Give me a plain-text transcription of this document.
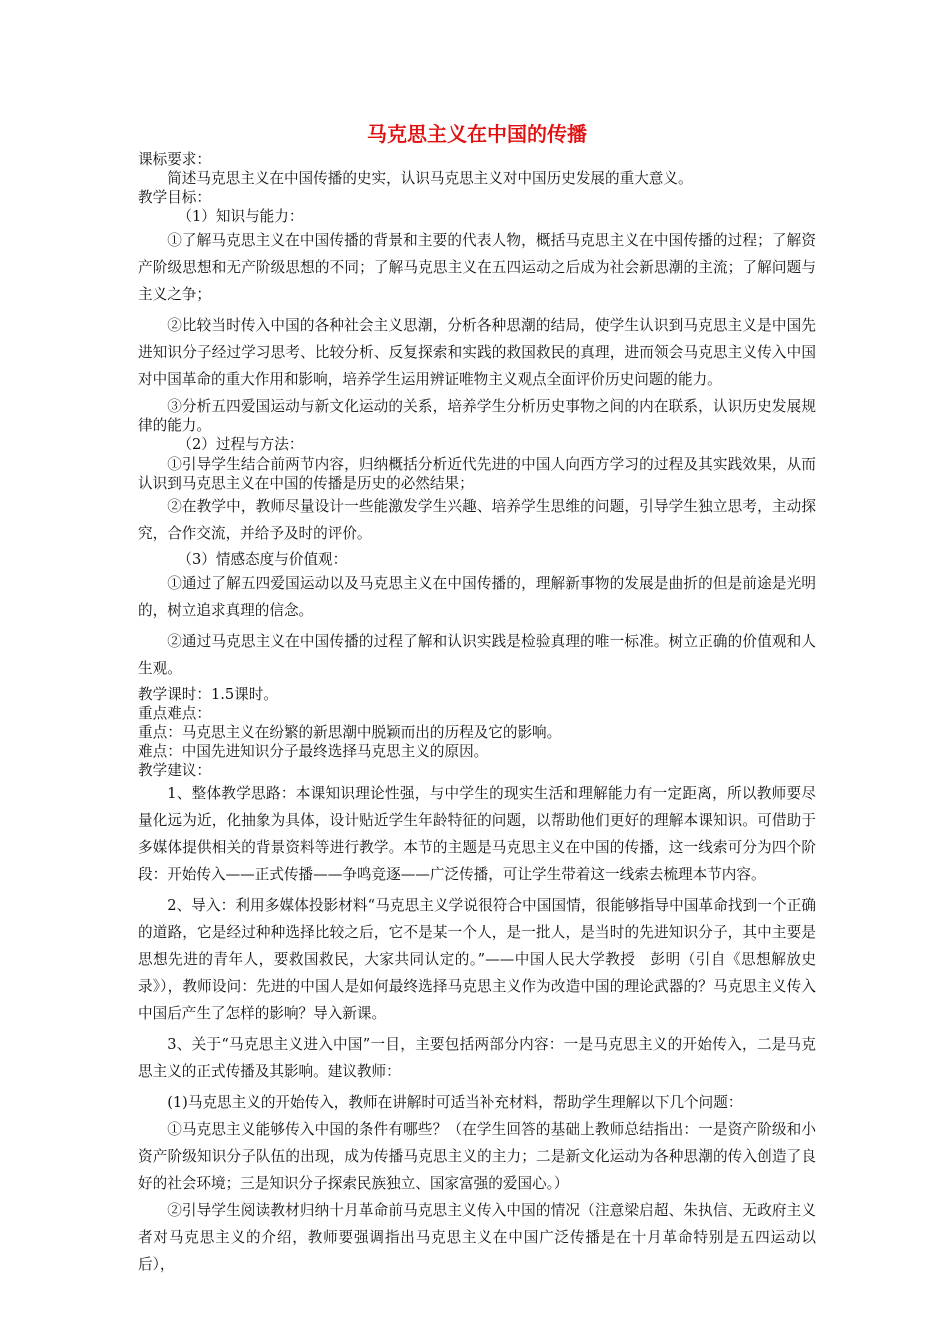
马克思主义在中国的传播

课标要求：

简述马克思主义在中国传播的史实，认识马克思主义对中国历史发展的重大意义。

教学目标：

（1）知识与能力：

①了解马克思主义在中国传播的背景和主要的代表人物，概括马克思主义在中国传播的过程；了解资产阶级思想和无产阶级思想的不同；了解马克思主义在五四运动之后成为社会新思潮的主流；了解问题与主义之争；

②比较当时传入中国的各种社会主义思潮，分析各种思潮的结局，使学生认识到马克思主义是中国先进知识分子经过学习思考、比较分析、反复探索和实践的救国救民的真理，进而领会马克思主义传入中国对中国革命的重大作用和影响，培养学生运用辨证唯物主义观点全面评价历史问题的能力。

③分析五四爱国运动与新文化运动的关系，培养学生分析历史事物之间的内在联系，认识历史发展规律的能力。

（2）过程与方法：

①引导学生结合前两节内容，归纳概括分析近代先进的中国人向西方学习的过程及其实践效果，从而认识到马克思主义在中国的传播是历史的必然结果；

②在教学中，教师尽量设计一些能激发学生兴趣、培养学生思维的问题，引导学生独立思考，主动探究，合作交流，并给予及时的评价。

（3）情感态度与价值观：

①通过了解五四爱国运动以及马克思主义在中国传播的，理解新事物的发展是曲折的但是前途是光明的，树立追求真理的信念。

②通过马克思主义在中国传播的过程了解和认识实践是检验真理的唯一标准。树立正确的价值观和人生观。

教学课时：1.5课时。

重点难点：

重点：马克思主义在纷繁的新思潮中脱颖而出的历程及它的影响。

难点：中国先进知识分子最终选择马克思主义的原因。

教学建议：

1、整体教学思路：本课知识理论性强，与中学生的现实生活和理解能力有一定距离，所以教师要尽量化远为近，化抽象为具体，设计贴近学生年龄特征的问题，以帮助他们更好的理解本课知识。可借助于多媒体提供相关的背景资料等进行教学。本节的主题是马克思主义在中国的传播，这一线索可分为四个阶段：开始传入——正式传播——争鸣竞逐——广泛传播，可让学生带着这一线索去梳理本节内容。

2、导入：利用多媒体投影材料“马克思主义学说很符合中国国情，很能够指导中国革命找到一个正确的道路，它是经过种种选择比较之后，它不是某一个人，是一批人，是当时的先进知识分子，其中主要是思想先进的青年人，要救国救民，大家共同认定的。”——中国人民大学教授　彭明（引自《思想解放史录》），教师设问：先进的中国人是如何最终选择马克思主义作为改造中国的理论武器的？马克思主义传入中国后产生了怎样的影响？导入新课。

3、关于“马克思主义进入中国”一目，主要包括两部分内容：一是马克思主义的开始传入，二是马克思主义的正式传播及其影响。建议教师：

(1)马克思主义的开始传入，教师在讲解时可适当补充材料，帮助学生理解以下几个问题：

①马克思主义能够传入中国的条件有哪些？（在学生回答的基础上教师总结指出：一是资产阶级和小资产阶级知识分子队伍的出现，成为传播马克思主义的主力；二是新文化运动为各种思潮的传入创造了良好的社会环境；三是知识分子探索民族独立、国家富强的爱国心。）

②引导学生阅读教材归纳十月革命前马克思主义传入中国的情况（注意梁启超、朱执信、无政府主义者对马克思主义的介绍，教师要强调指出马克思主义在中国广泛传播是在十月革命特别是五四运动以后），
